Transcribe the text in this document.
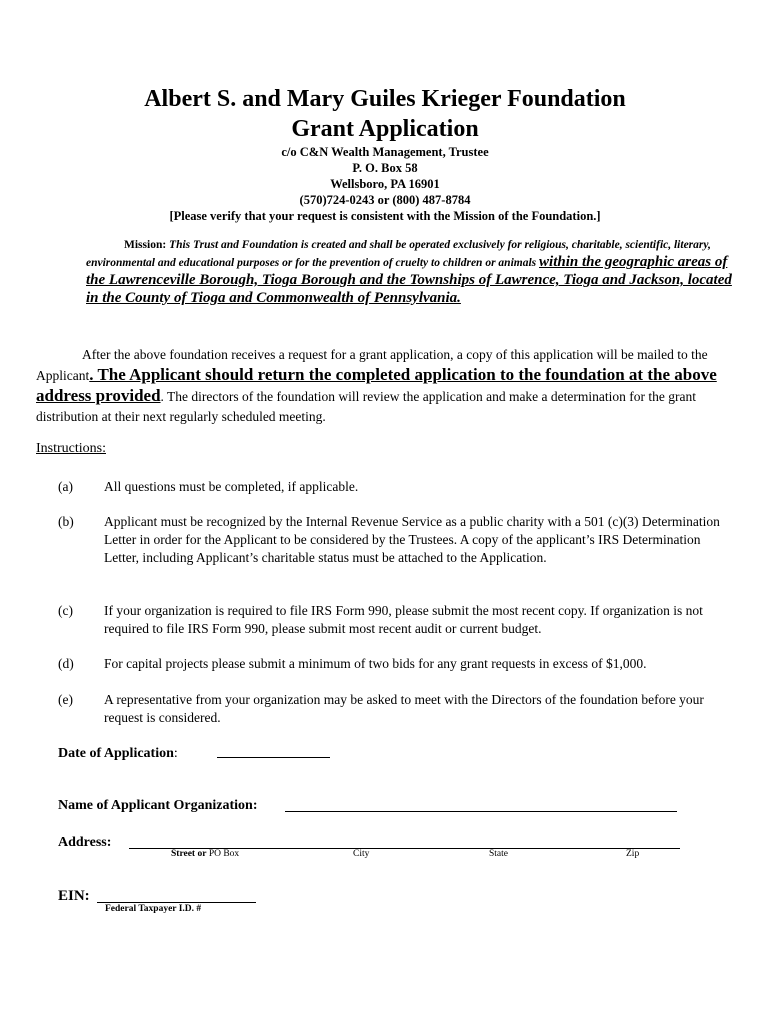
Albert S. and Mary Guiles Krieger Foundation
Grant Application
c/o C&N Wealth Management, Trustee
P. O. Box 58
Wellsboro, PA 16901
(570)724-0243 or (800) 487-8784
[Please verify that your request is consistent with the Mission of the Foundation.]
Mission: This Trust and Foundation is created and shall be operated exclusively for religious, charitable, scientific, literary, environmental and educational purposes or for the prevention of cruelty to children or animals within the geographic areas of the Lawrenceville Borough, Tioga Borough and the Townships of Lawrence, Tioga and Jackson, located in the County of Tioga and Commonwealth of Pennsylvania.
After the above foundation receives a request for a grant application, a copy of this application will be mailed to the Applicant. The Applicant should return the completed application to the foundation at the above address provided. The directors of the foundation will review the application and make a determination for the grant distribution at their next regularly scheduled meeting.
Instructions:
(a) All questions must be completed, if applicable.
(b) Applicant must be recognized by the Internal Revenue Service as a public charity with a 501 (c)(3) Determination Letter in order for the Applicant to be considered by the Trustees. A copy of the applicant’s IRS Determination Letter, including Applicant’s charitable status must be attached to the Application.
(c) If your organization is required to file IRS Form 990, please submit the most recent copy. If organization is not required to file IRS Form 990, please submit most recent audit or current budget.
(d) For capital projects please submit a minimum of two bids for any grant requests in excess of $1,000.
(e) A representative from your organization may be asked to meet with the Directors of the foundation before your request is considered.
Date of Application:
Name of Applicant Organization:
Address:
Street or PO Box	City	State	Zip
EIN:
Federal Taxpayer I.D. #
